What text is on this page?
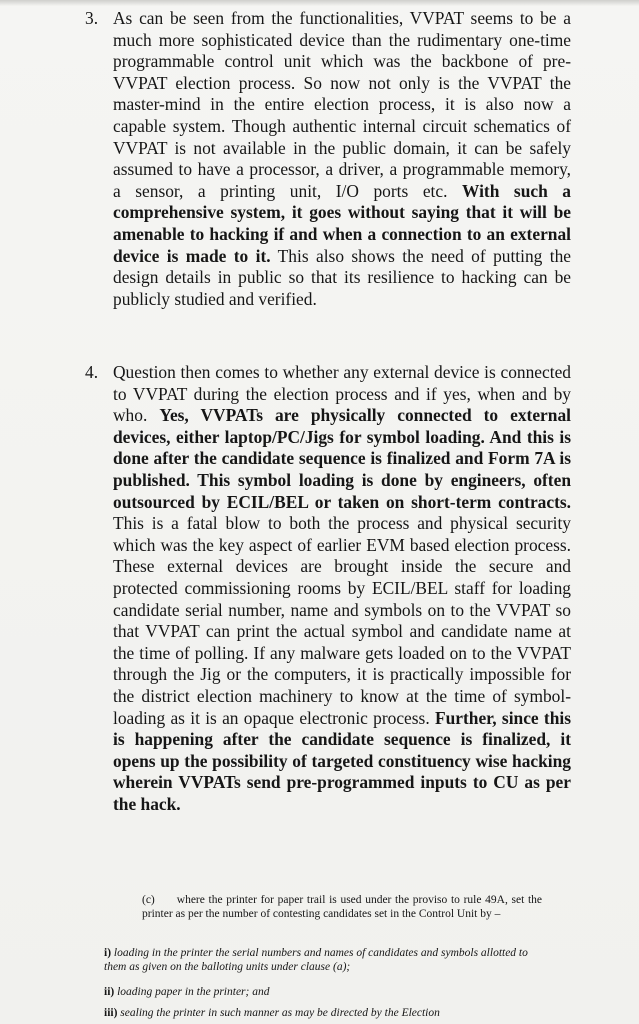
3. As can be seen from the functionalities, VVPAT seems to be a much more sophisticated device than the rudimentary one-time programmable control unit which was the backbone of pre-VVPAT election process. So now not only is the VVPAT the master-mind in the entire election process, it is also now a capable system. Though authentic internal circuit schematics of VVPAT is not available in the public domain, it can be safely assumed to have a processor, a driver, a programmable memory, a sensor, a printing unit, I/O ports etc. With such a comprehensive system, it goes without saying that it will be amenable to hacking if and when a connection to an external device is made to it. This also shows the need of putting the design details in public so that its resilience to hacking can be publicly studied and verified.
4. Question then comes to whether any external device is connected to VVPAT during the election process and if yes, when and by who. Yes, VVPATs are physically connected to external devices, either laptop/PC/Jigs for symbol loading. And this is done after the candidate sequence is finalized and Form 7A is published. This symbol loading is done by engineers, often outsourced by ECIL/BEL or taken on short-term contracts. This is a fatal blow to both the process and physical security which was the key aspect of earlier EVM based election process. These external devices are brought inside the secure and protected commissioning rooms by ECIL/BEL staff for loading candidate serial number, name and symbols on to the VVPAT so that VVPAT can print the actual symbol and candidate name at the time of polling. If any malware gets loaded on to the VVPAT through the Jig or the computers, it is practically impossible for the district election machinery to know at the time of symbol-loading as it is an opaque electronic process. Further, since this is happening after the candidate sequence is finalized, it opens up the possibility of targeted constituency wise hacking wherein VVPATs send pre-programmed inputs to CU as per the hack.
(c) where the printer for paper trail is used under the proviso to rule 49A, set the printer as per the number of contesting candidates set in the Control Unit by –
i) loading in the printer the serial numbers and names of candidates and symbols allotted to them as given on the balloting units under clause (a);
ii) loading paper in the printer; and
iii) sealing the printer in such manner as may be directed by the Election
